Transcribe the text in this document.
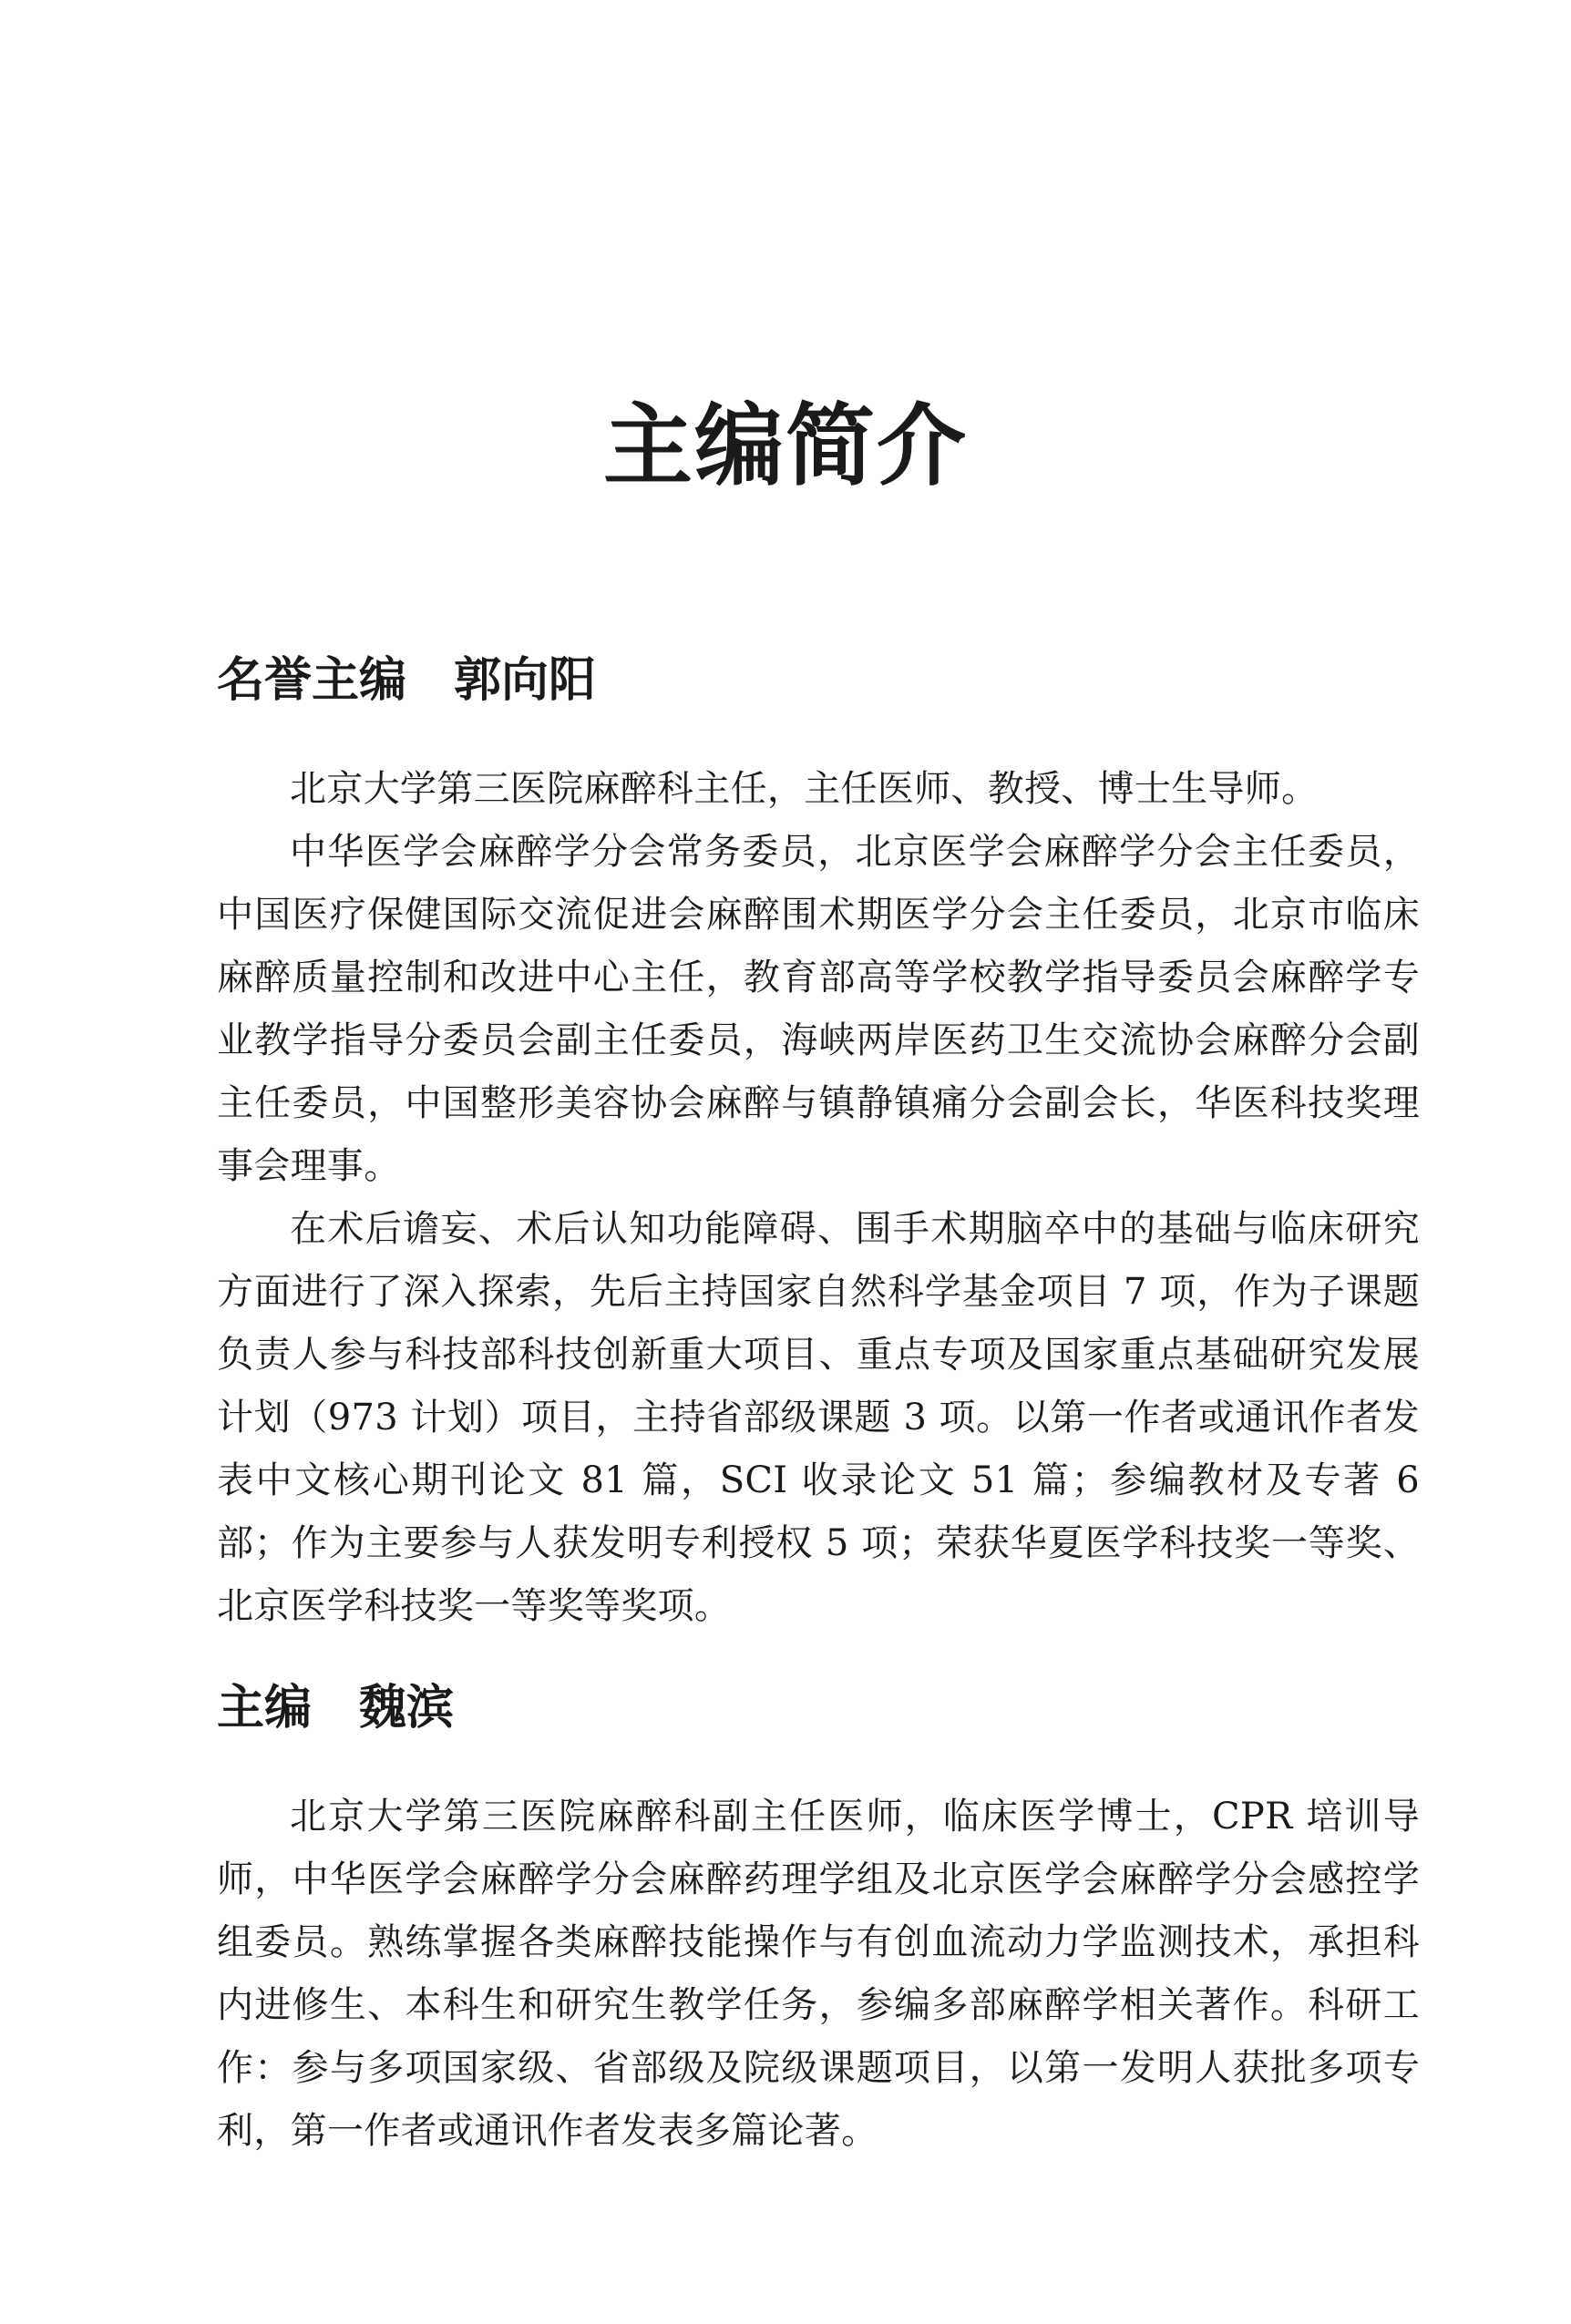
主编简介
名誉主编 郭向阳

北京大学第三医院麻醉科主任，主任医师、教授、博士生导师。

中华医学会麻醉学分会常务委员，北京医学会麻醉学分会主任委员，中国医疗保健国际交流促进会麻醉围术期医学分会主任委员，北京市临床麻醉质量控制和改进中心主任，教育部高等学校教学指导委员会麻醉学专业教学指导分委员会副主任委员，海峡两岸医药卫生交流协会麻醉分会副主任委员，中国整形美容协会麻醉与镇静镇痛分会副会长，华医科技奖理事会理事。

在术后谵妄、术后认知功能障碍、围手术期脑卒中的基础与临床研究方面进行了深入探索，先后主持国家自然科学基金项目 7 项，作为子课题负责人参与科技部科技创新重大项目、重点专项及国家重点基础研究发展计划（973 计划）项目，主持省部级课题 3 项。以第一作者或通讯作者发表中文核心期刊论文 81 篇，SCI 收录论文 51 篇；参编教材及专著 6 部；作为主要参与人获发明专利授权 5 项；荣获华夏医学科技奖一等奖、北京医学科技奖一等奖等奖项。

主编 魏滨

北京大学第三医院麻醉科副主任医师，临床医学博士，CPR 培训导师，中华医学会麻醉学分会麻醉药理学组及北京医学会麻醉学分会感控学组委员。熟练掌握各类麻醉技能操作与有创血流动力学监测技术，承担科内进修生、本科生和研究生教学任务，参编多部麻醉学相关著作。科研工作：参与多项国家级、省部级及院级课题项目，以第一发明人获批多项专利，第一作者或通讯作者发表多篇论著。
